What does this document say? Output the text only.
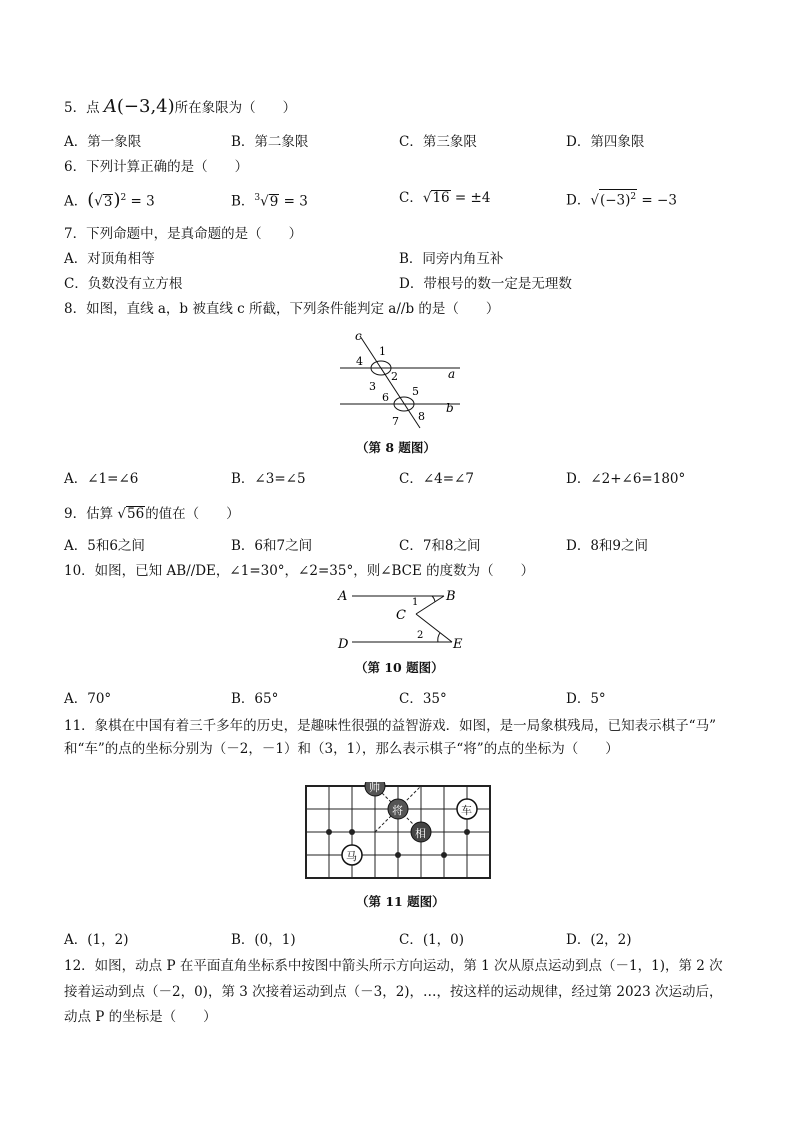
5．点 A(−3,4)所在象限为（　　）
A．第一象限	B．第二象限	C．第三象限	D．第四象限
6．下列计算正确的是（　　）
A．$(√3)^2 = 3$	B．$^3$√9 = 3	C．√16 = ±4	D．$√(-3)^2 = -3$
7．下列命题中，是真命题的是（　　）
A．对顶角相等	B．同旁内角互补
C．负数没有立方根	D．带根号的数一定是无理数
8．如图，直线 a，b 被直线 c 所截，下列条件能判定 a//b 的是（　　）
c
a
b
1
2
3
4
5
6
7 8
（第 8 题图）
A．∠1=∠6	B．∠3=∠5	C．∠4=∠7	D．∠2+∠6=180°
9．估算 √56的值在（　　）
A．5和6之间	B．6和7之间	C．7和8之间	D．8和9之间
10．如图，已知 AB//DE，∠1=30°，∠2=35°，则∠BCE 的度数为（　　）
A	B
C
D	E
1
2
（第 10 题图）
A．70°	B．65°	C．35°	D．5°
11．象棋在中国有着三千多年的历史，是趣味性很强的益智游戏．如图，是一局象棋残局，已知表示棋子“马”
和“车”的点的坐标分别为（－2，－1）和（3，1），那么表示棋子“将”的点的坐标为（　　）
帅
将
相
车
马
（第 11 题图）
A．(1，2)	B．(0，1)	C．(1，0)	D．(2，2)
12．如图，动点 P 在平面直角坐标系中按图中箭头所示方向运动，第 1 次从原点运动到点（－1，1)，第 2 次
接着运动到点（－2，0)，第 3 次接着运动到点（－3，2)，…，按这样的运动规律，经过第 2023 次运动后，
动点 P 的坐标是（　　）
